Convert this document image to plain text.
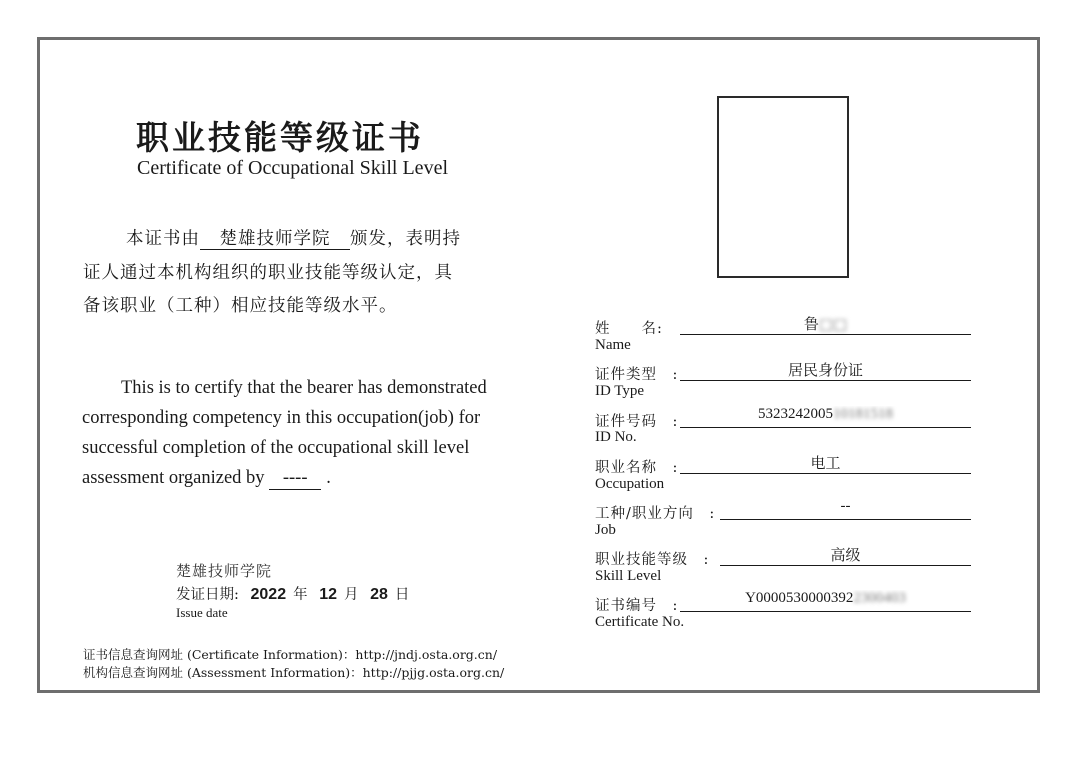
职业技能等级证书
Certificate of Occupational Skill Level
本证书由 楚雄技师学院 颁发，表明持
证人通过本机构组织的职业技能等级认定，具
备该职业（工种）相应技能等级水平。
This is to certify that the bearer has demonstrated
corresponding competency in this occupation(job) for
successful completion of the occupational skill level
assessment organized by ---- .
楚雄技师学院
发证日期: 2022 年 12 月 28 日
Issue date
证书信息查询网址 (Certificate Information)：http://jndj.osta.org.cn/
机构信息查询网址 (Assessment Information)：http://pjjg.osta.org.cn/
姓　　名:	鲁□□
Name
证件类型　:	居民身份证
ID Type
证件号码　:	532324200510181518
ID No.
职业名称　:	电工
Occupation
工种/职业方向　:	--
Job
职业技能等级　:	高级
Skill Level
证书编号　:	Y00005300003922300403
Certificate No.
